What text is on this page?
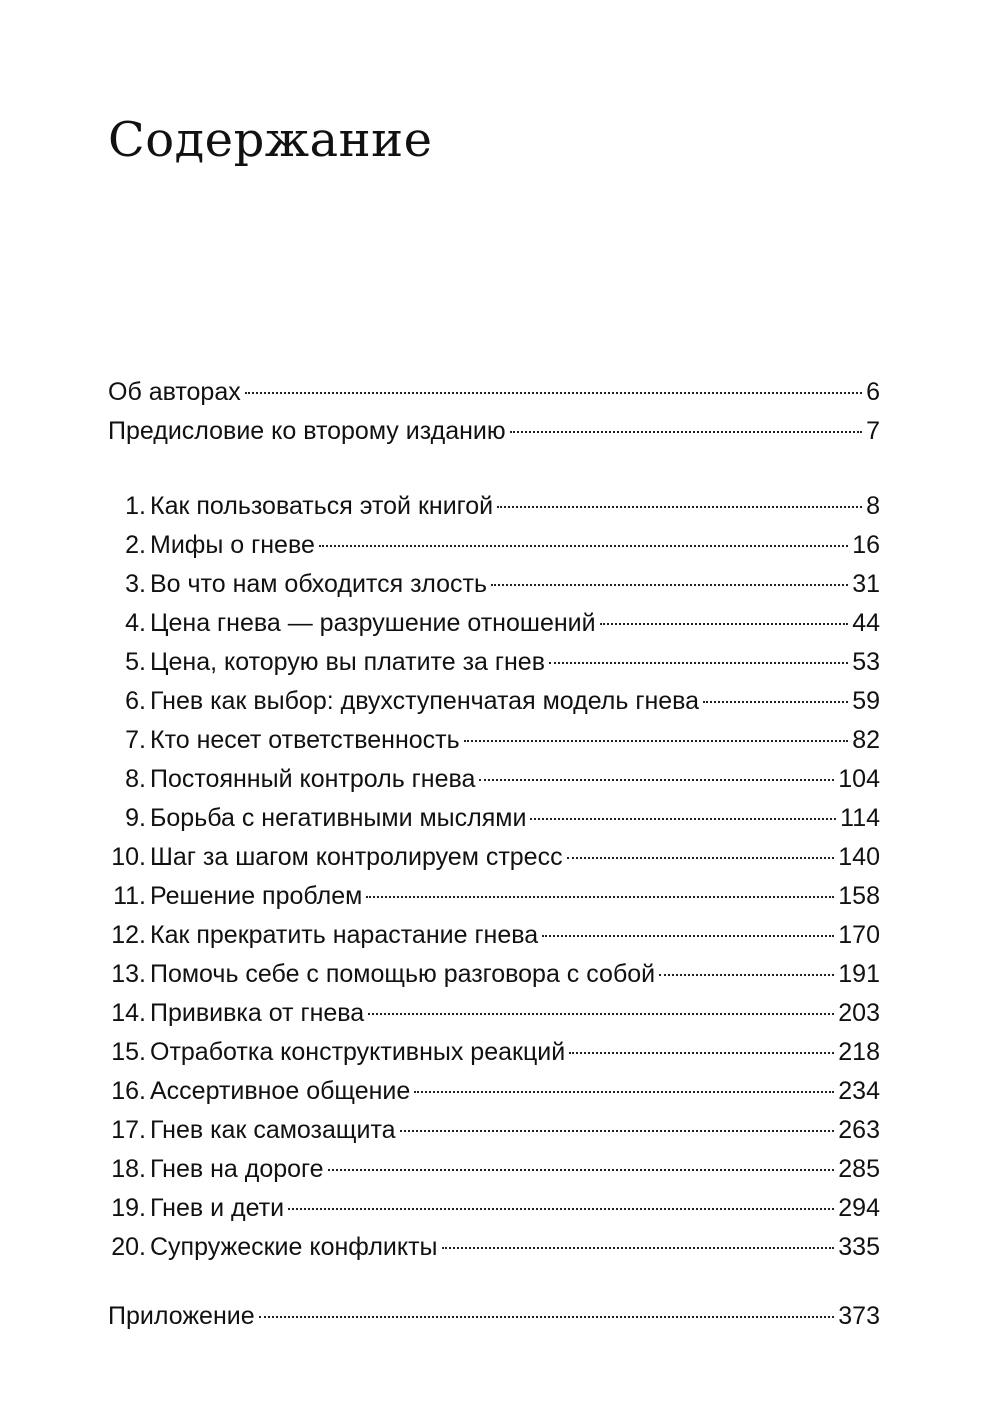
Содержание
Об авторах	6
Предисловие ко второму изданию	7
1. Как пользоваться этой книгой	8
2. Мифы о гневе	16
3. Во что нам обходится злость	31
4. Цена гнева — разрушение отношений	44
5. Цена, которую вы платите за гнев	53
6. Гнев как выбор: двухступенчатая модель гнева	59
7. Кто несет ответственность	82
8. Постоянный контроль гнева	104
9. Борьба с негативными мыслями	114
10. Шаг за шагом контролируем стресс	140
11. Решение проблем	158
12. Как прекратить нарастание гнева	170
13. Помочь себе с помощью разговора с собой	191
14. Прививка от гнева	203
15. Отработка конструктивных реакций	218
16. Ассертивное общение	234
17. Гнев как самозащита	263
18. Гнев на дороге	285
19. Гнев и дети	294
20. Супружеские конфликты	335
Приложение	373
